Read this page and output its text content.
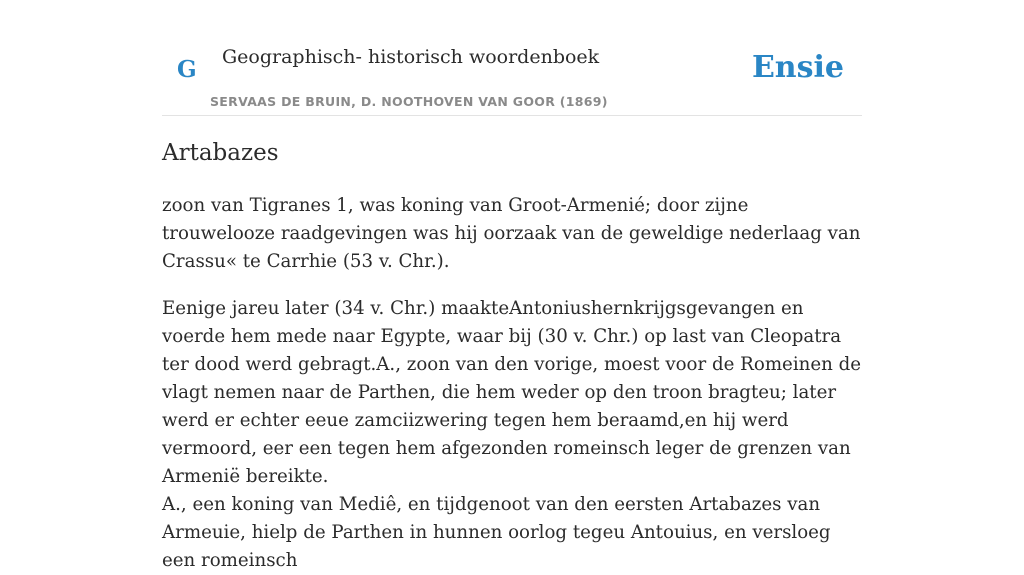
G Geographisch- historisch woordenboek
SERVAAS DE BRUIN, D. NOOTHOVEN VAN GOOR (1869)
Ensie
Artabazes

zoon van Tigranes 1, was koning van Groot-Armenié; door zijne trouwelooze raadgevingen was hij oorzaak van de geweldige nederlaag van Crassu« te Carrhie (53 v. Chr.).

Eenige jareu later (34 v. Chr.) maakteAntoniushernkrijgsgevangen en voerde hem mede naar Egypte, waar bij (30 v. Chr.) op last van Cleopatra ter dood werd gebragt.A., zoon van den vorige, moest voor de Romeinen de vlagt nemen naar de Parthen, die hem weder op den troon bragteu; later werd er echter eeue zamciizwering tegen hem beraamd,en hij werd vermoord, eer een tegen hem afgezonden romeinsch leger de grenzen van Armenië bereikte.

A., een koning van Mediê, en tijdgenoot van den eersten Artabazes van Armeuie, hielp de Parthen in hunnen oorlog tegeu Antouius, en versloeg een romeinsch
